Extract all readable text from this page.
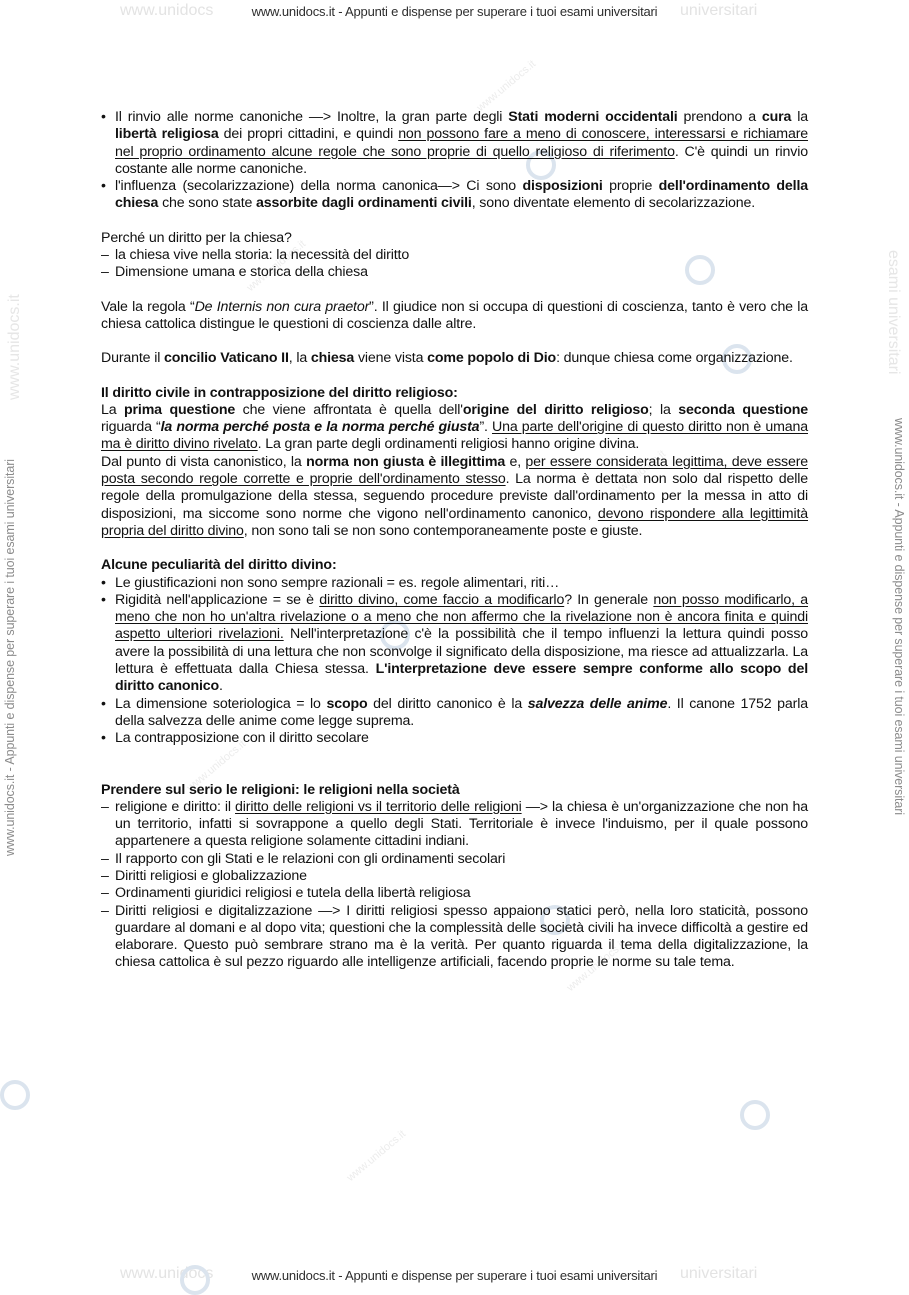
www.unidocs	universitari
www.unidocs.it - Appunti e dispense per superare i tuoi esami universitari
www.unidocs	universitari
www.unidocs.it - Appunti e dispense per superare i tuoi esami universitari
www.unidocs.it	esami universitari
www.unidocs.it - Appunti e dispense per superare i tuoi esami universitari	www.unidocs.it - Appunti e dispense per superare i tuoi esami universitari
www.unidocs.it
www.unidocs.it
www.unidocs.it
www.unidocs.it
www.unidocs.it
www.unidocs.it
• Il rinvio alle norme canoniche —> Inoltre, la gran parte degli Stati moderni occidentali prendono a cura la libertà religiosa dei propri cittadini, e quindi non possono fare a meno di conoscere, interessarsi e richiamare nel proprio ordinamento alcune regole che sono proprie di quello religioso di riferimento. C'è quindi un rinvio costante alle norme canoniche.
• l'influenza (secolarizzazione) della norma canonica—> Ci sono disposizioni proprie dell'ordinamento della chiesa che sono state assorbite dagli ordinamenti civili, sono diventate elemento di secolarizzazione.

Perché un diritto per la chiesa?

– la chiesa vive nella storia: la necessità del diritto
– Dimensione umana e storica della chiesa

Vale la regola “De Internis non cura praetor”. Il giudice non si occupa di questioni di coscienza, tanto è vero che la chiesa cattolica distingue le questioni di coscienza dalle altre.

Durante il concilio Vaticano II, la chiesa viene vista come popolo di Dio: dunque chiesa come organizzazione.

Il diritto civile in contrapposizione del diritto religioso:

La prima questione che viene affrontata è quella dell'origine del diritto religioso; la seconda questione riguarda “la norma perché posta e la norma perché giusta”. Una parte dell'origine di questo diritto non è umana ma è diritto divino rivelato. La gran parte degli ordinamenti religiosi hanno origine divina.

Dal punto di vista canonistico, la norma non giusta è illegittima e, per essere considerata legittima, deve essere posta secondo regole corrette e proprie dell'ordinamento stesso. La norma è dettata non solo dal rispetto delle regole della promulgazione della stessa, seguendo procedure previste dall'ordinamento per la messa in atto di disposizioni, ma siccome sono norme che vigono nell'ordinamento canonico, devono rispondere alla legittimità propria del diritto divino, non sono tali se non sono contemporaneamente poste e giuste.

Alcune peculiarità del diritto divino:

• Le giustificazioni non sono sempre razionali = es. regole alimentari, riti…
• Rigidità nell'applicazione = se è diritto divino, come faccio a modificarlo? In generale non posso modificarlo, a meno che non ho un'altra rivelazione o a meno che non affermo che la rivelazione non è ancora finita e quindi aspetto ulteriori rivelazioni. Nell'interpretazione c'è la possibilità che il tempo influenzi la lettura quindi posso avere la possibilità di una lettura che non sconvolge il significato della disposizione, ma riesce ad attualizzarla. La lettura è effettuata dalla Chiesa stessa. L'interpretazione deve essere sempre conforme allo scopo del diritto canonico.
• La dimensione soteriologica = lo scopo del diritto canonico è la salvezza delle anime. Il canone 1752 parla della salvezza delle anime come legge suprema.
• La contrapposizione con il diritto secolare

Prendere sul serio le religioni: le religioni nella società

– religione e diritto: il diritto delle religioni vs il territorio delle religioni —> la chiesa è un'organizzazione che non ha un territorio, infatti si sovrappone a quello degli Stati. Territoriale è invece l'induismo, per il quale possono appartenere a questa religione solamente cittadini indiani.
– Il rapporto con gli Stati e le relazioni con gli ordinamenti secolari
– Diritti religiosi e globalizzazione
– Ordinamenti giuridici religiosi e tutela della libertà religiosa
– Diritti religiosi e digitalizzazione —> I diritti religiosi spesso appaiono statici però, nella loro staticità, possono guardare al domani e al dopo vita; questioni che la complessità delle società civili ha invece difficoltà a gestire ed elaborare. Questo può sembrare strano ma è la verità. Per quanto riguarda il tema della digitalizzazione, la chiesa cattolica è sul pezzo riguardo alle intelligenze artificiali, facendo proprie le norme su tale tema.
